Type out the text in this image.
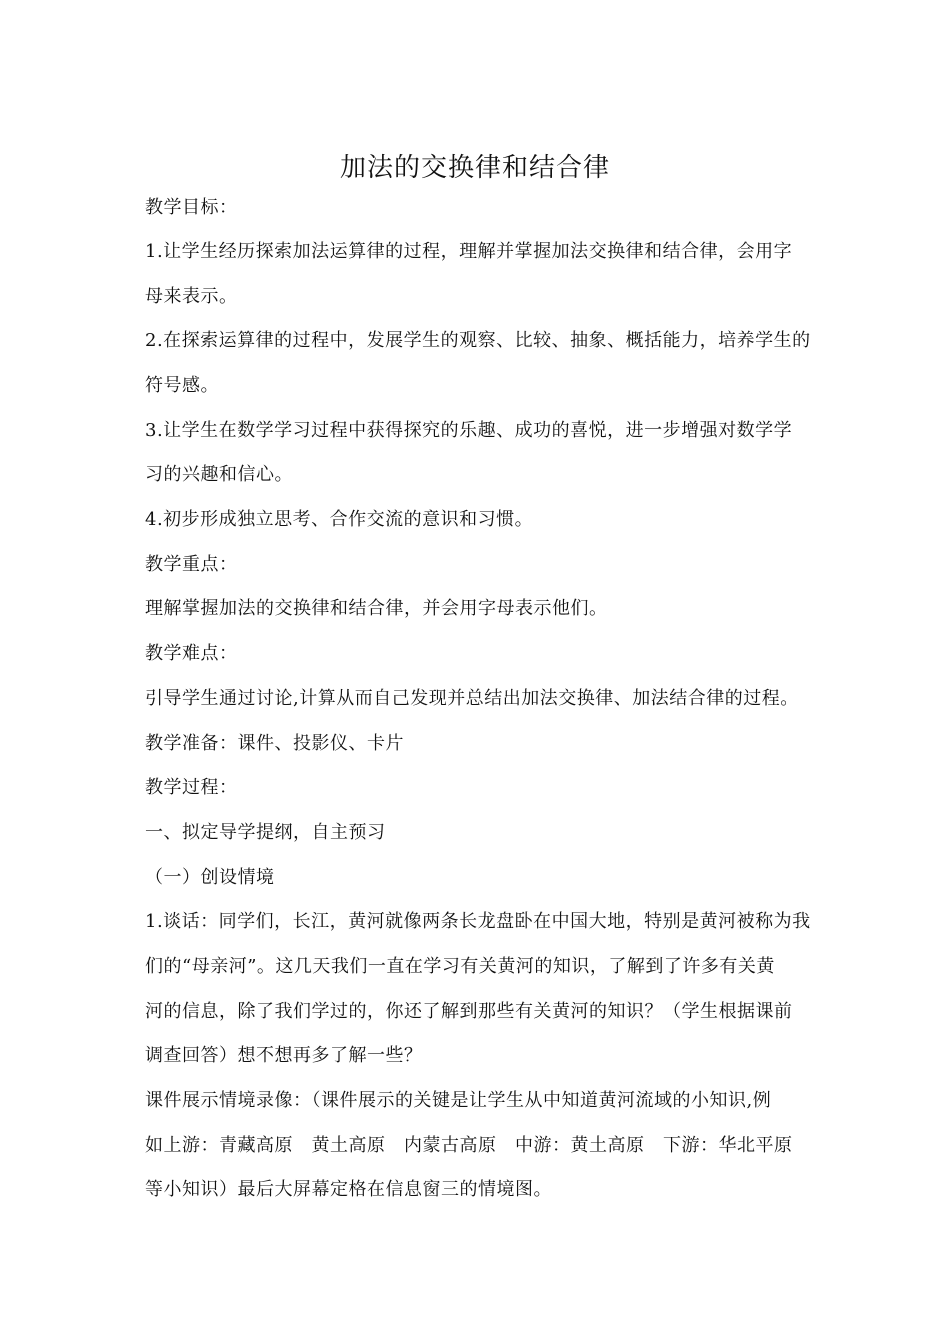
加法的交换律和结合律
教学目标：
1.让学生经历探索加法运算律的过程，理解并掌握加法交换律和结合律，会用字
母来表示。
2.在探索运算律的过程中，发展学生的观察、比较、抽象、概括能力，培养学生的
符号感。
3.让学生在数学学习过程中获得探究的乐趣、成功的喜悦，进一步增强对数学学
习的兴趣和信心。
4.初步形成独立思考、合作交流的意识和习惯。
教学重点：
理解掌握加法的交换律和结合律，并会用字母表示他们。
教学难点：
引导学生通过讨论,计算从而自己发现并总结出加法交换律、加法结合律的过程。
教学准备：课件、投影仪、卡片
教学过程：
一、拟定导学提纲，自主预习
（一）创设情境
1.谈话：同学们，长江，黄河就像两条长龙盘卧在中国大地，特别是黄河被称为我
们的“母亲河”。这几天我们一直在学习有关黄河的知识，了解到了许多有关黄
河的信息，除了我们学过的，你还了解到那些有关黄河的知识？（学生根据课前
调查回答）想不想再多了解一些？
课件展示情境录像：（课件展示的关键是让学生从中知道黄河流域的小知识,例
如上游：青藏高原　黄土高原　内蒙古高原　中游：黄土高原　下游：华北平原
等小知识）最后大屏幕定格在信息窗三的情境图。
